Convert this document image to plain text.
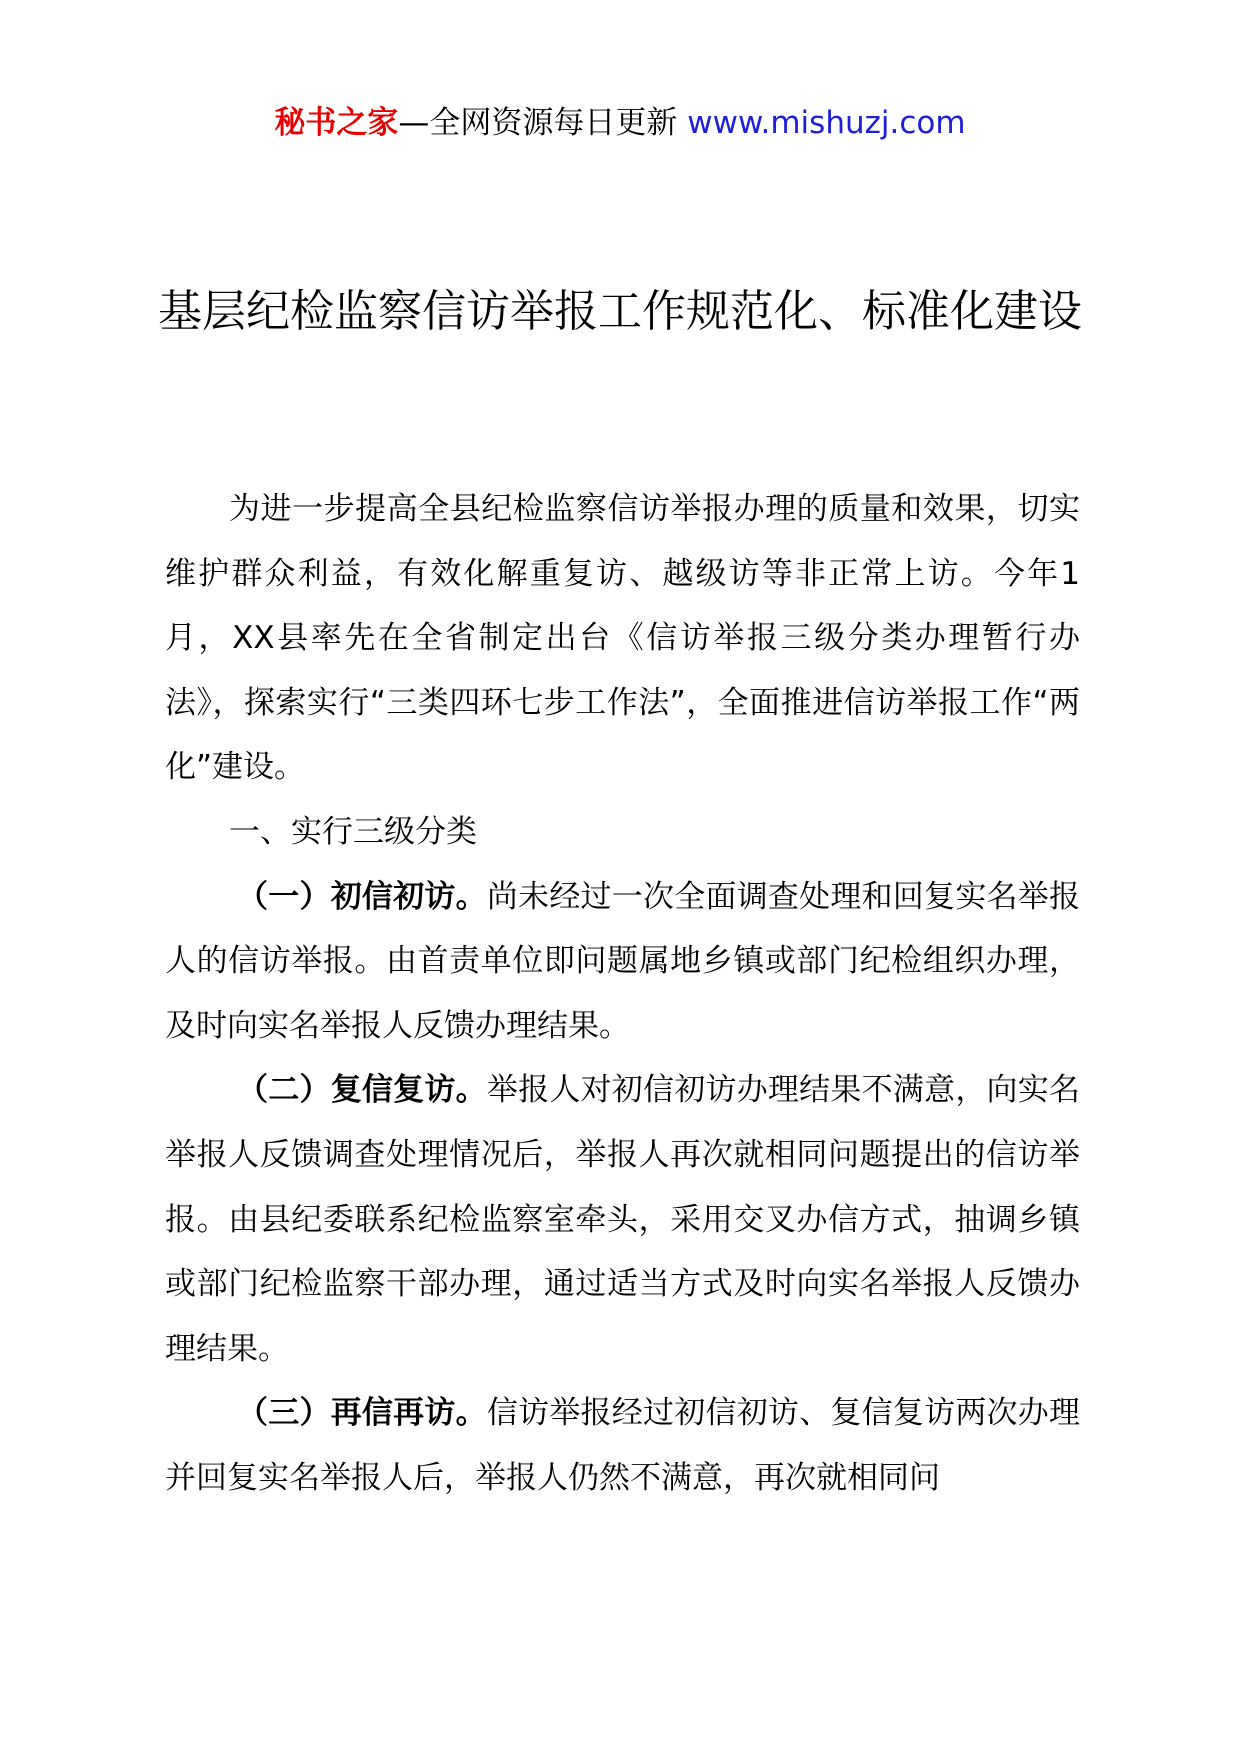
秘书之家—全网资源每日更新 www.mishuzj.com
基层纪检监察信访举报工作规范化、标准化建设

为进一步提高全县纪检监察信访举报办理的质量和效果，切实维护群众利益，有效化解重复访、越级访等非正常上访。今年1月，XX县率先在全省制定出台《信访举报三级分类办理暂行办法》，探索实行“三类四环七步工作法”，全面推进信访举报工作“两化”建设。

一、实行三级分类

（一）初信初访。尚未经过一次全面调查处理和回复实名举报人的信访举报。由首责单位即问题属地乡镇或部门纪检组织办理，及时向实名举报人反馈办理结果。

（二）复信复访。举报人对初信初访办理结果不满意，向实名举报人反馈调查处理情况后，举报人再次就相同问题提出的信访举报。由县纪委联系纪检监察室牵头，采用交叉办信方式，抽调乡镇或部门纪检监察干部办理，通过适当方式及时向实名举报人反馈办理结果。

（三）再信再访。信访举报经过初信初访、复信复访两次办理并回复实名举报人后，举报人仍然不满意，再次就相同问
